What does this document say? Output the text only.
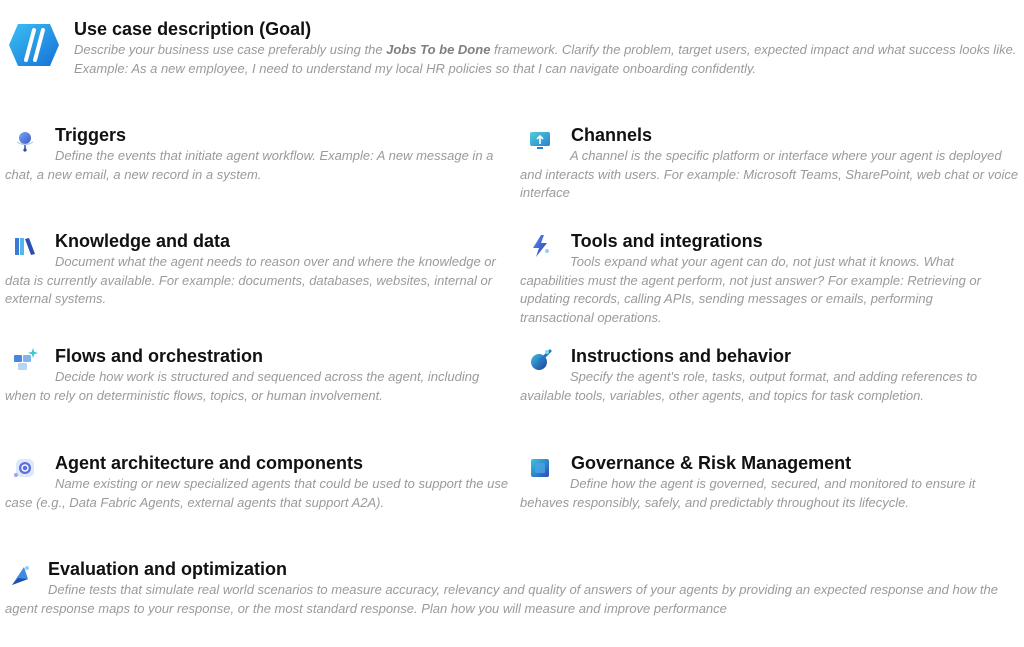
Use case description (Goal)
Describe your business use case preferably using the Jobs To be Done framework. Clarify the problem, target users, expected impact and what success looks like. Example: As a new employee, I need to understand my local HR policies so that I can navigate onboarding confidently.
Triggers
Define the events that initiate agent workflow. Example: A new message in a chat, a new email, a new record in a system.
Channels
A channel is the specific platform or interface where your agent is deployed and interacts with users. For example: Microsoft Teams, SharePoint, web chat or voice interface
Knowledge and data
Document what the agent needs to reason over and where the knowledge or data is currently available. For example: documents, databases, websites, internal or external systems.
Tools and integrations
Tools expand what your agent can do, not just what it knows. What capabilities must the agent perform, not just answer? For example: Retrieving or updating records, calling APIs, sending messages or emails, performing transactional operations.
Flows and orchestration
Decide how work is structured and sequenced across the agent, including when to rely on deterministic flows, topics, or human involvement.
Instructions and behavior
Specify the agent's role, tasks, output format, and adding references to available tools, variables, other agents, and topics for task completion.
Agent architecture and components
Name existing or new specialized agents that could be used to support the use case (e.g., Data Fabric Agents, external agents that support A2A).
Governance & Risk Management
Define how the agent is governed, secured, and monitored to ensure it behaves responsibly, safely, and predictably throughout its lifecycle.
Evaluation and optimization
Define tests that simulate real world scenarios to measure accuracy, relevancy and quality of answers of your agents by providing an expected response and how the agent response maps to your response, or the most standard response. Plan how you will measure and improve performance
